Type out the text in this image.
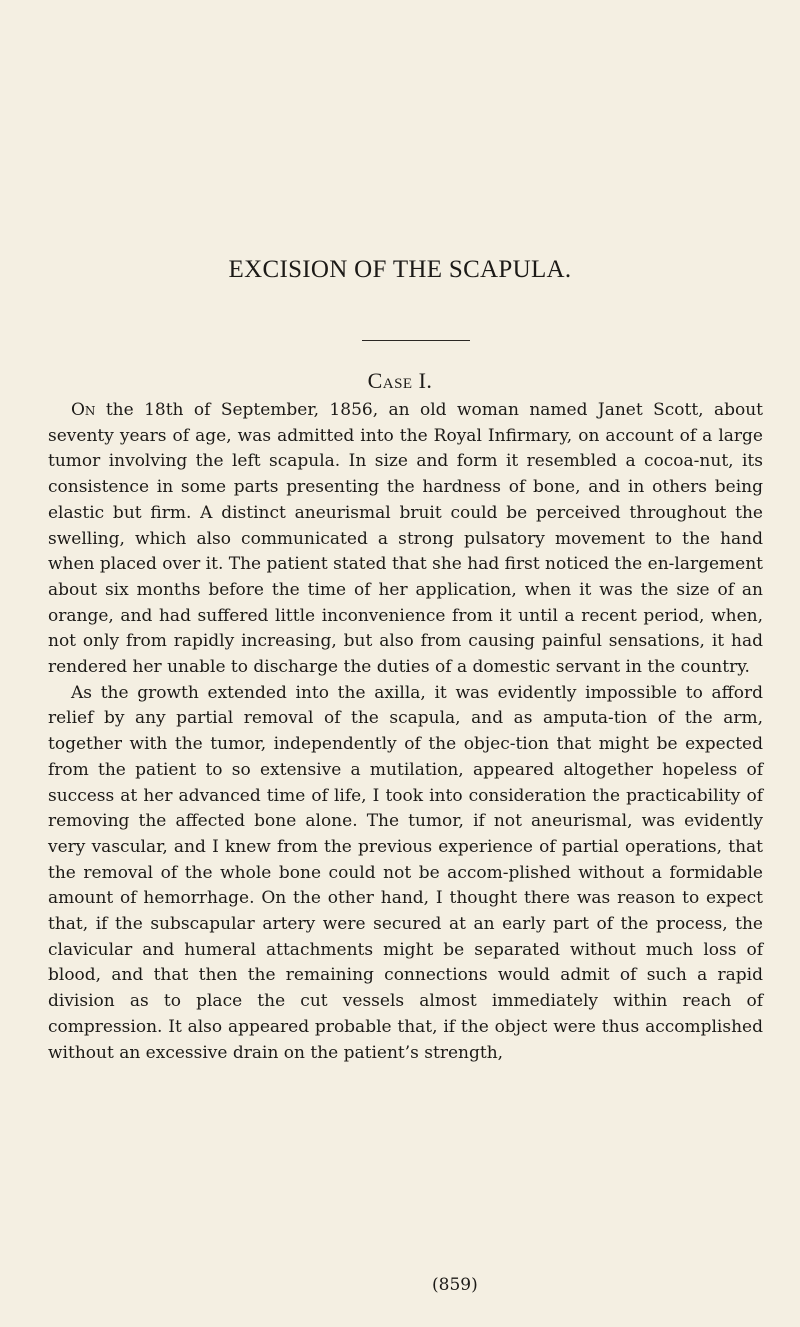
EXCISION OF THE SCAPULA.
Case I.

On the 18th of September, 1856, an old woman named Janet Scott, about seventy years of age, was admitted into the Royal Infirmary, on account of a large tumor involving the left scapula. In size and form it resembled a cocoa-nut, its consistence in some parts presenting the hardness of bone, and in others being elastic but firm. A distinct aneurismal bruit could be perceived throughout the swelling, which also communicated a strong pulsatory movement to the hand when placed over it. The patient stated that she had first noticed the en-largement about six months before the time of her application, when it was the size of an orange, and had suffered little inconvenience from it until a recent period, when, not only from rapidly increasing, but also from causing painful sensations, it had rendered her unable to discharge the duties of a domestic servant in the country.

As the growth extended into the axilla, it was evidently impossible to afford relief by any partial removal of the scapula, and as amputa-tion of the arm, together with the tumor, independently of the objec-tion that might be expected from the patient to so extensive a mutilation, appeared altogether hopeless of success at her advanced time of life, I took into consideration the practicability of removing the affected bone alone. The tumor, if not aneurismal, was evidently very vascular, and I knew from the previous experience of partial operations, that the removal of the whole bone could not be accom-plished without a formidable amount of hemorrhage. On the other hand, I thought there was reason to expect that, if the subscapular artery were secured at an early part of the process, the clavicular and humeral attachments might be separated without much loss of blood, and that then the remaining connections would admit of such a rapid division as to place the cut vessels almost immediately within reach of compression. It also appeared probable that, if the object were thus accomplished without an excessive drain on the patient’s strength,

(859)
